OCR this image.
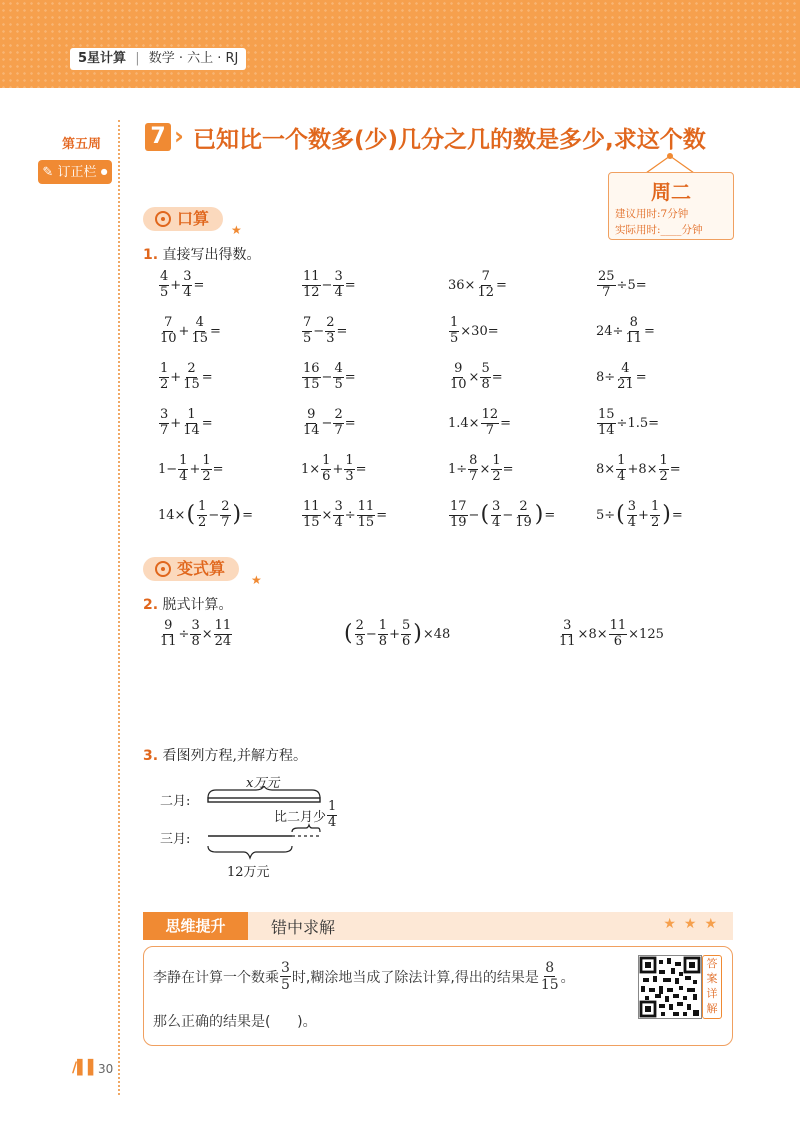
5星计算 | 数学 · 六上 · RJ
第五周
✎ 订正栏 ●
7 › 已知比一个数多(少)几分之几的数是多少,求这个数
周二
建议用时:7分钟
实际用时:____分钟
口算
★
1. 直接写出得数。
$\frac{4}{5} + \frac{3}{4}$ =	$\frac{11}{12} - \frac{3}{4}$ =	$36\times \frac{7}{12}$ =	$\frac{25}{7} \div 5=$
$\frac{7}{10} + \frac{4}{15}$ =	$\frac{7}{5} - \frac{2}{3}$ =	$\frac{1}{5} \times 30=$	$24\div \frac{8}{11}$ =
$\frac{1}{2} + \frac{2}{15}$ =	$\frac{16}{15} - \frac{4}{5}$ =	$\frac{9}{10} \times \frac{5}{8}$ =	$8\div \frac{4}{21}$ =
$\frac{3}{7} + \frac{1}{14}$ =	$\frac{9}{14} - \frac{2}{7}$ =	$1.4\times \frac{12}{7}$ =	$\frac{15}{14} \div 1.5=$
$1- \frac{1}{4} + \frac{1}{2}$ =	$1\times \frac{1}{6} + \frac{1}{3}$ =	$1\div \frac{8}{7} \times \frac{1}{2}$ =	$8\times \frac{1}{4} +8\times \frac{1}{2}$ =
14× ( $\frac{1}{2} - \frac{2}{7}$ ) =	$\frac{11}{15} \times \frac{3}{4} \div \frac{11}{15}$ =	$\frac{17}{19}$ − ( $\frac{3}{4} - \frac{2}{19}$ ) =	5÷ ( $\frac{3}{4} + \frac{1}{2}$ ) =
变式算
★
2. 脱式计算。
$\frac{9}{11} \div \frac{3}{8} \times \frac{11}{24}$	( $\frac{2}{3} - \frac{1}{8} + \frac{5}{6}$ ) ×48	$\frac{3}{11} \times 8\times \frac{11}{6} \times 125$
3. 看图列方程,并解方程。
x万元
二月:
三月:
比二月少 $\frac{1}{4}$
12万元
思维提升	错中求解	★★★
李静在计算一个数乘 $\frac{3}{5}$ 时,糊涂地当成了除法计算,得出的结果是 $\frac{8}{15}$ 。
那么正确的结果是(      )。
答案详解
/▌▌ 30
